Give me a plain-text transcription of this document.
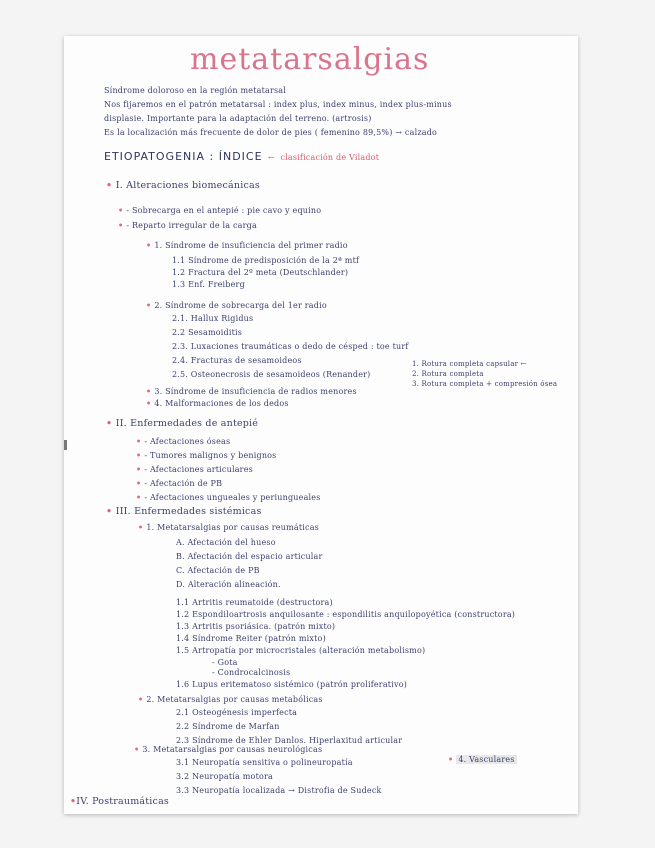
metatarsalgias
Síndrome doloroso en la región metatarsal
Nos fijaremos en el patrón metatarsal : index plus, index minus, index plus-minus
displasie. Importante para la adaptación del terreno. (artrosis)
Es la localización más frecuente de dolor de pies ( femenino 89,5%) → calzado
ETIOPATOGENIA : ÍNDICE  ←  clasificación de Viladot
• I. Alteraciones biomecánicas
• - Sobrecarga en el antepié : pie cavo y equino
• - Reparto irregular de la carga
• 1. Síndrome de insuficiencia del primer radio
1.1 Síndrome de predisposición de la 2ª mtf
1.2 Fractura del 2º meta (Deutschlander)
1.3 Enf. Freiberg
• 2. Síndrome de sobrecarga del 1er radio
2.1. Hallux Rigidus
2.2 Sesamoiditis
2.3. Luxaciones traumáticas o dedo de césped : toe turf
2.4. Fracturas de sesamoideos
2.5. Osteonecrosis de sesamoideos (Renander)
1. Rotura completa capsular ←
2. Rotura completa
3. Rotura completa + compresión ósea
• 3. Síndrome de insuficiencia de radios menores
• 4. Malformaciones de los dedos
• II. Enfermedades de antepié
• - Afectaciones óseas
• - Tumores malignos y benignos
• - Afectaciones articulares
• - Afectación de PB
• - Afectaciones ungueales y periungueales
• III. Enfermedades sistémicas
• 1. Metatarsalgias por causas reumáticas
A. Afectación del hueso
B. Afectación del espacio articular
C. Afectación de PB
D. Alteración alineación.
1.1 Artritis reumatoide (destructora)
1.2 Espondiloartrosis anquilosante : espondilitis anquilopoyética (constructora)
1.3 Artritis psoriásica. (patrón mixto)
1.4 Síndrome Reiter (patrón mixto)
1.5 Artropatía por microcristales (alteración metabolismo)
- Gota
- Condrocalcinosis
1.6 Lupus eritematoso sistémico (patrón proliferativo)
• 2. Metatarsalgias por causas metabólicas
2.1 Osteogénesis imperfecta
2.2 Síndrome de Marfan
2.3 Síndrome de Ehler Danlos. Hiperlaxitud articular
• 3. Metatarsalgias por causas neurológicas
3.1 Neuropatía sensitiva o polineuropatía
3.2 Neuropatía motora
3.3 Neuropatía localizada → Distrofia de Sudeck
• 4. Vasculares
•IV. Postraumáticas
